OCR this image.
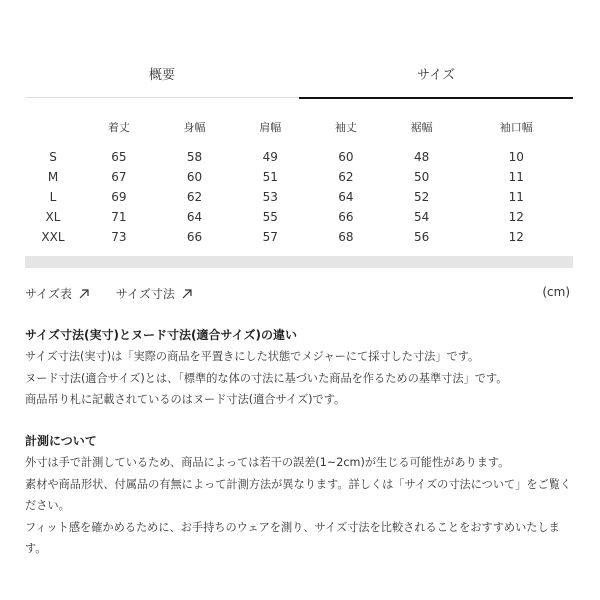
概要	サイズ
	着丈	身幅	肩幅	袖丈	裾幅	袖口幅
S	65	58	49	60	48	10
M	67	60	51	62	50	11
L	69	62	53	64	52	11
XL	71	64	55	66	54	12
XXL	73	66	57	68	56	12
サイズ表
	サイズ寸法	(cm)
サイズ寸法(実寸)とヌード寸法(適合サイズ)の違い

サイズ寸法(実寸)は「実際の商品を平置きにした状態でメジャーにて採寸した寸法」です。

ヌード寸法(適合サイズ)とは、「標準的な体の寸法に基づいた商品を作るための基準寸法」です。

商品吊り札に記載されているのはヌード寸法(適合サイズ)です。

計測について

外寸は手で計測しているため、商品によっては若干の誤差(1~2cm)が生じる可能性があります。

素材や商品形状、付属品の有無によって計測方法が異なります。詳しくは「サイズの寸法について」をご覧ください。

フィット感を確かめるために、お手持ちのウェアを測り、サイズ寸法を比較されることをおすすめいたします。
